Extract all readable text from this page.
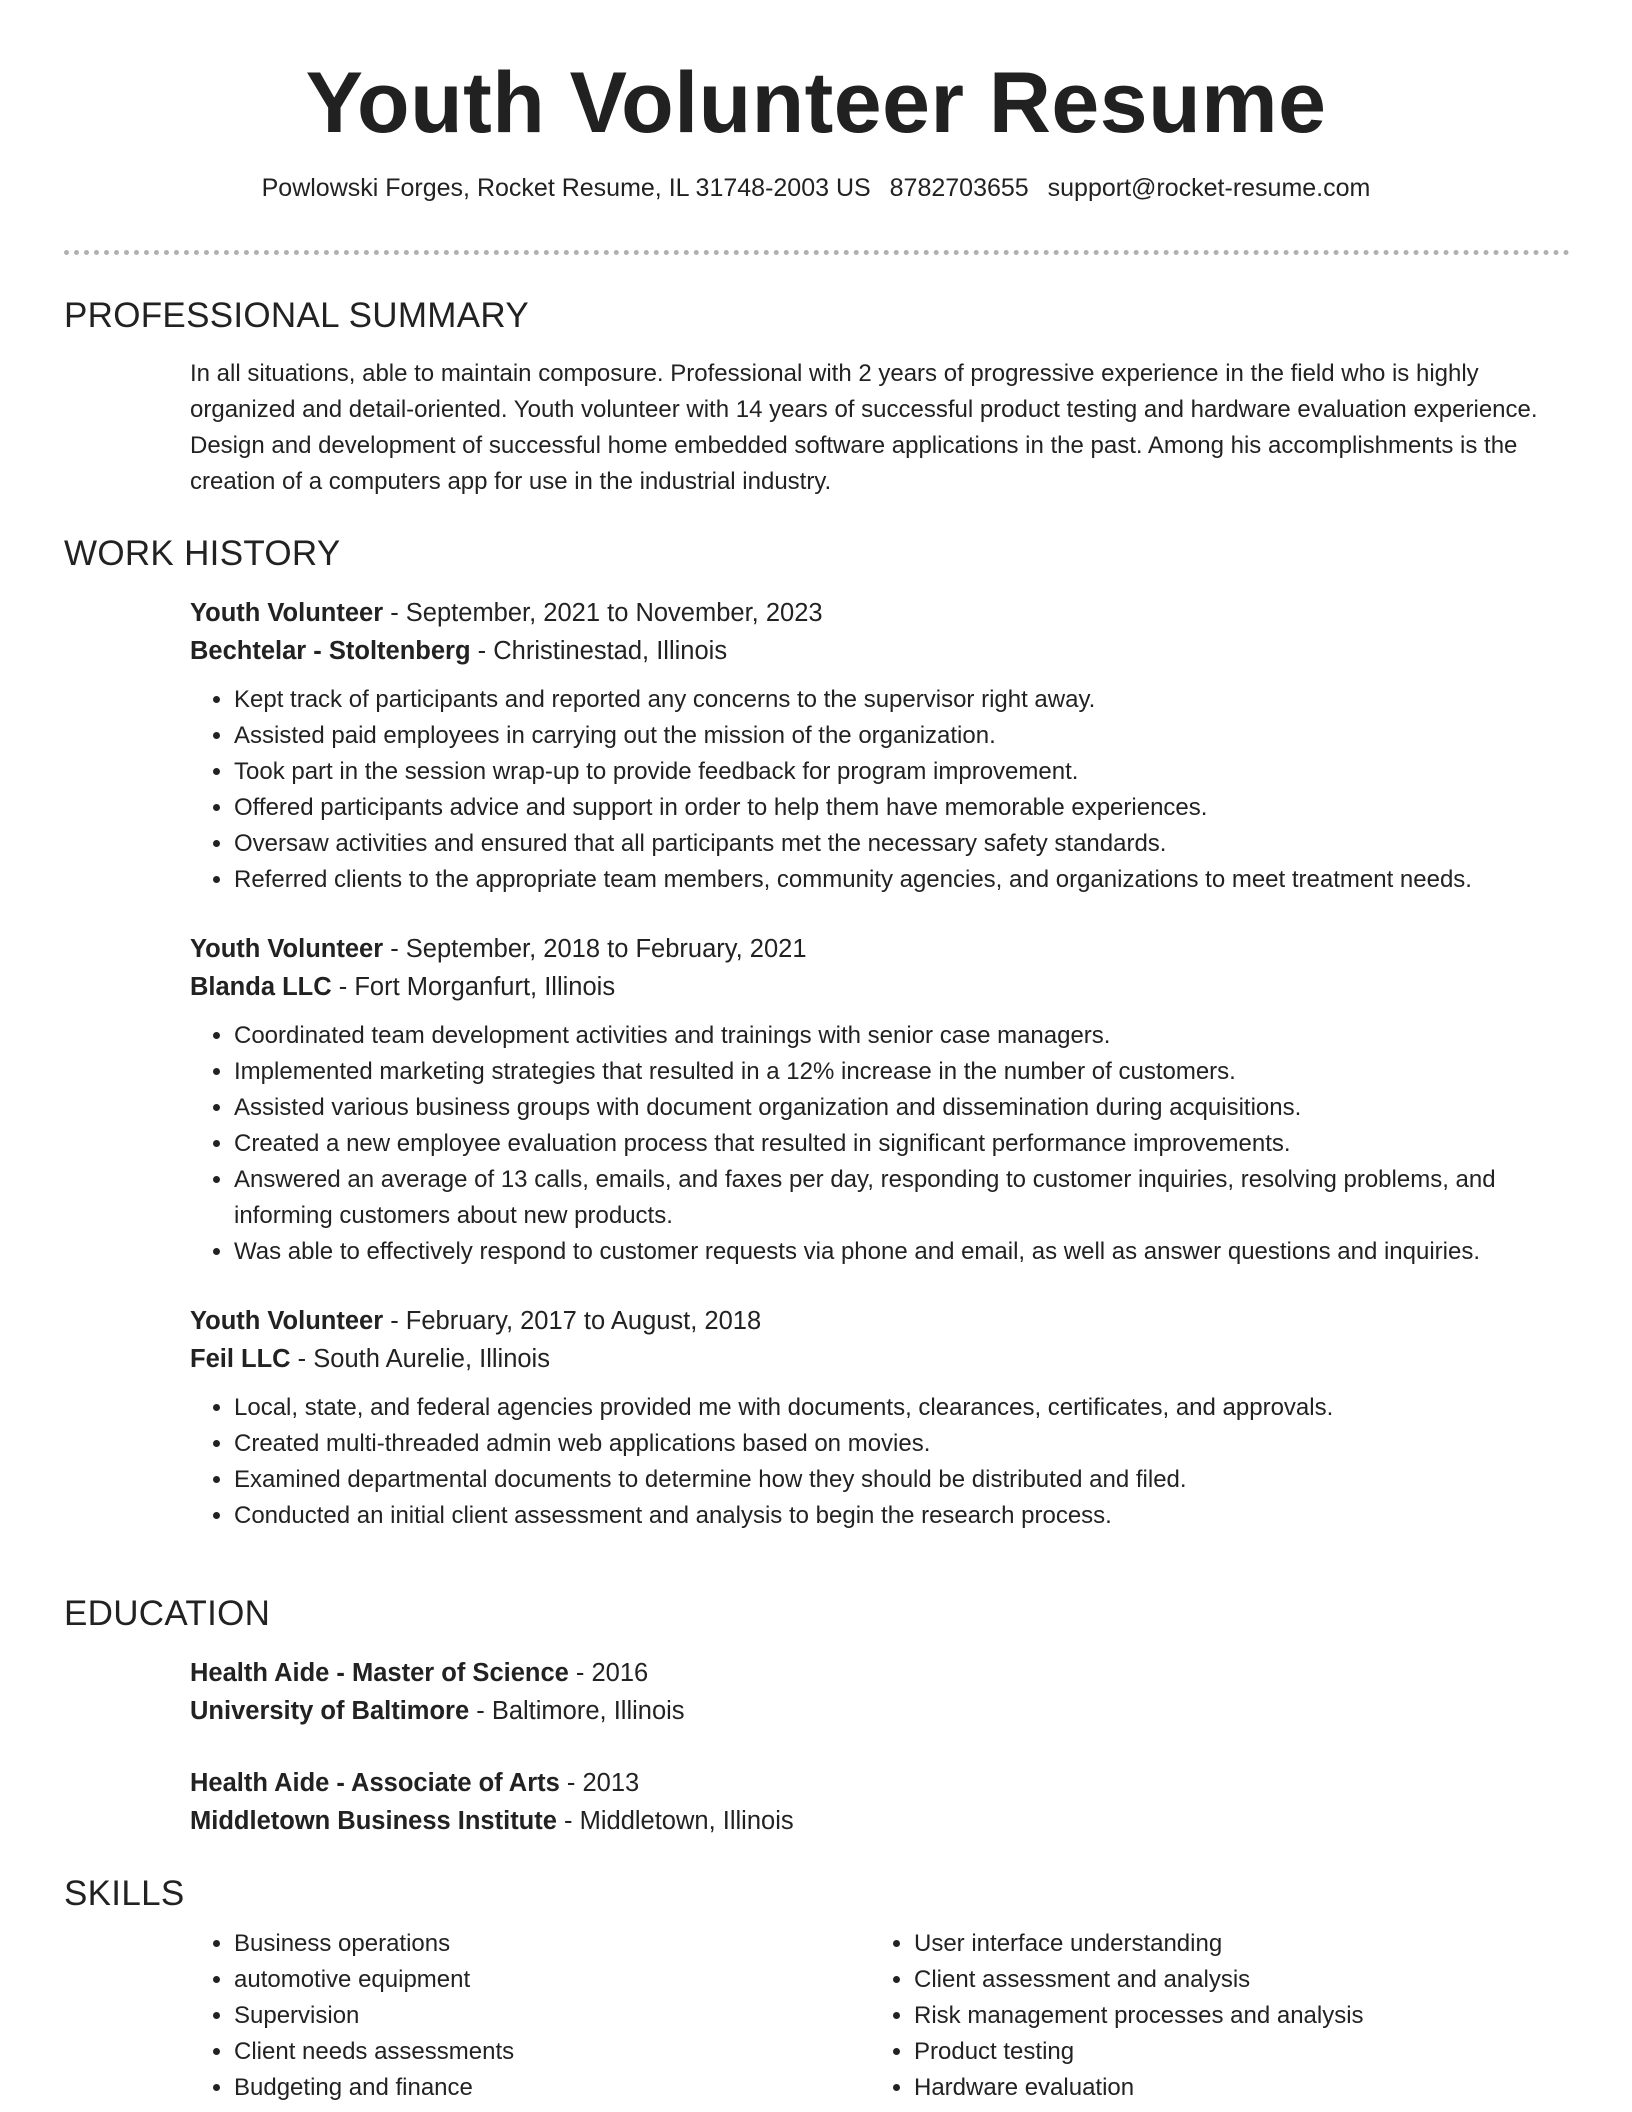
Youth Volunteer Resume
Powlowski Forges, Rocket Resume, IL 31748-2003 US 8782703655 support@rocket-resume.com
PROFESSIONAL SUMMARY
In all situations, able to maintain composure. Professional with 2 years of progressive experience in the field who is highly organized and detail-oriented. Youth volunteer with 14 years of successful product testing and hardware evaluation experience. Design and development of successful home embedded software applications in the past. Among his accomplishments is the creation of a computers app for use in the industrial industry.
WORK HISTORY
Youth Volunteer - September, 2021 to November, 2023
Bechtelar - Stoltenberg - Christinestad, Illinois
• Kept track of participants and reported any concerns to the supervisor right away.
• Assisted paid employees in carrying out the mission of the organization.
• Took part in the session wrap-up to provide feedback for program improvement.
• Offered participants advice and support in order to help them have memorable experiences.
• Oversaw activities and ensured that all participants met the necessary safety standards.
• Referred clients to the appropriate team members, community agencies, and organizations to meet treatment needs.
Youth Volunteer - September, 2018 to February, 2021
Blanda LLC - Fort Morganfurt, Illinois
• Coordinated team development activities and trainings with senior case managers.
• Implemented marketing strategies that resulted in a 12% increase in the number of customers.
• Assisted various business groups with document organization and dissemination during acquisitions.
• Created a new employee evaluation process that resulted in significant performance improvements.
• Answered an average of 13 calls, emails, and faxes per day, responding to customer inquiries, resolving problems, and informing customers about new products.
• Was able to effectively respond to customer requests via phone and email, as well as answer questions and inquiries.
Youth Volunteer - February, 2017 to August, 2018
Feil LLC - South Aurelie, Illinois
• Local, state, and federal agencies provided me with documents, clearances, certificates, and approvals.
• Created multi-threaded admin web applications based on movies.
• Examined departmental documents to determine how they should be distributed and filed.
• Conducted an initial client assessment and analysis to begin the research process.
EDUCATION
Health Aide - Master of Science - 2016
University of Baltimore - Baltimore, Illinois
Health Aide - Associate of Arts - 2013
Middletown Business Institute - Middletown, Illinois
SKILLS
• Business operations
• automotive equipment
• Supervision
• Client needs assessments
• Budgeting and finance
• User interface understanding
• Client assessment and analysis
• Risk management processes and analysis
• Product testing
• Hardware evaluation
